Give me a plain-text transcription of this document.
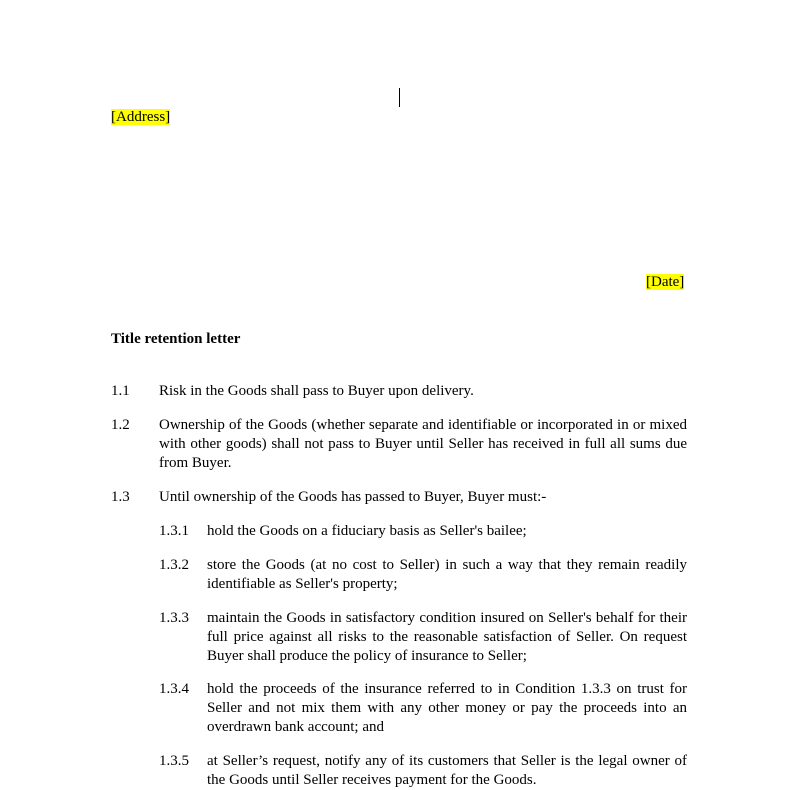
[Address]
[Date]
Title retention letter
1.1 Risk in the Goods shall pass to Buyer upon delivery.
1.2 Ownership of the Goods (whether separate and identifiable or incorporated in or mixed with other goods) shall not pass to Buyer until Seller has received in full all sums due from Buyer.
1.3 Until ownership of the Goods has passed to Buyer, Buyer must:-
1.3.1 hold the Goods on a fiduciary basis as Seller's bailee;
1.3.2 store the Goods (at no cost to Seller) in such a way that they remain readily identifiable as Seller's property;
1.3.3 maintain the Goods in satisfactory condition insured on Seller's behalf for their full price against all risks to the reasonable satisfaction of Seller. On request Buyer shall produce the policy of insurance to Seller;
1.3.4 hold the proceeds of the insurance referred to in Condition 1.3.3 on trust for Seller and not mix them with any other money or pay the proceeds into an overdrawn bank account; and
1.3.5 at Seller’s request, notify any of its customers that Seller is the legal owner of the Goods until Seller receives payment for the Goods.
